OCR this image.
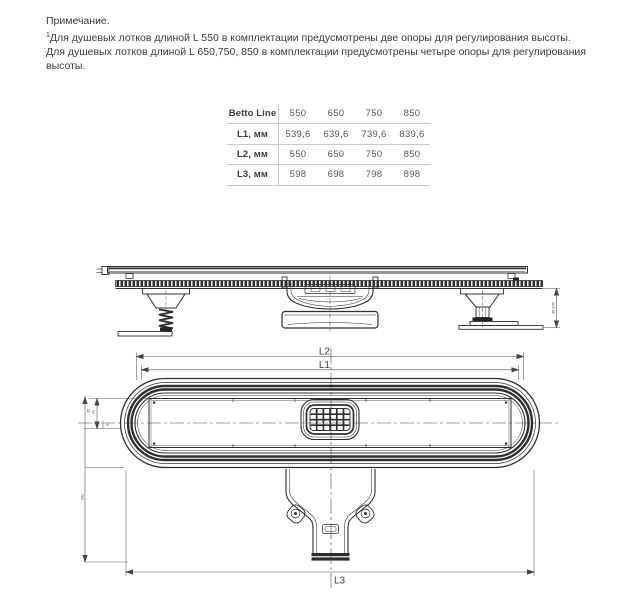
Примечание.
$^1$Для душевых лотков длиной L 550 в комплектации предусмотрены две опоры для регулирования высоты.
Для душевых лотков длиной L 650,750, 850 в комплектации предусмотрены четыре опоры для регулирования высоты.
Betto Line	550	650	750	850
L1, мм	539,6	639,6	739,6	839,6
L2, мм	550	650	750	850
L3, мм	598	698	798	898
85-105
L2
L1
35 42
8
202
L3
